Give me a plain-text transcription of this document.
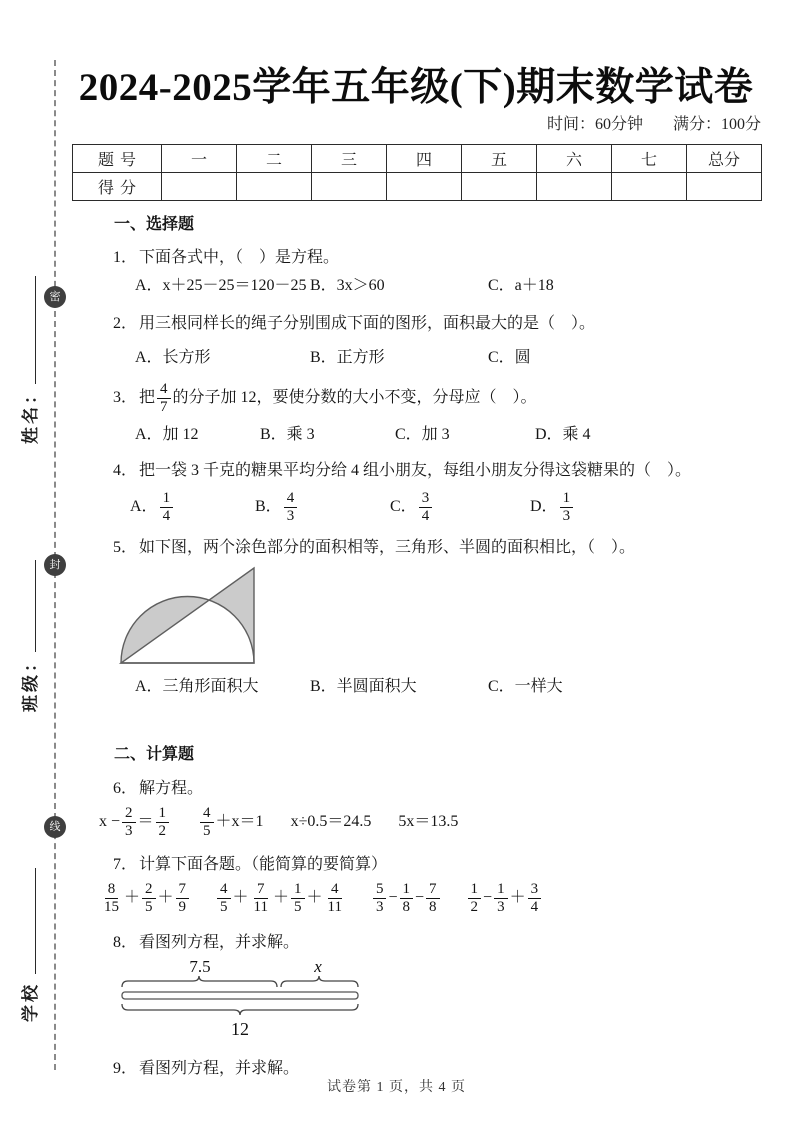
密
封
线
姓名：
班级：
学校
2024-2025学年五年级(下)期末数学试卷
时间：60分钟 满分：100分
题号	一	二	三	四	五	六	七	总分
得分								
一、选择题
1． 下面各式中，（　）是方程。
A．x＋25－25＝120－25 B．3x＞60	C．a＋18
2． 用三根同样长的绳子分别围成下面的图形，面积最大的是（　）。
A．长方形	B．正方形	C．圆
3． 把 $\frac{4}{7}$ 的分子加 12，要使分数的大小不变，分母应（　）。
A．加 12	B．乘 3	C．加 3	D．乘 4
4． 把一袋 3 千克的糖果平均分给 4 组小朋友，每组小朋友分得这袋糖果的（　）。
A． $\frac{1}{4}$	B． $\frac{4}{3}$	C． $\frac{3}{4}$	D． $\frac{1}{3}$
5． 如下图，两个涂色部分的面积相等，三角形、半圆的面积相比，（　）。
A．三角形面积大	B．半圆面积大	C．一样大
二、计算题
6． 解方程。
$x - \frac{2}{3} = \frac{1}{2} \frac{4}{5} +x=1$ x÷0.5＝24.5 5x＝13.5
7． 计算下面各题。（能简算的要简算）
$\frac{8}{15} + \frac{2}{5} + \frac{7}{9} \frac{4}{5} + \frac{7}{11} + \frac{1}{5} + \frac{4}{11} \frac{5}{3} - \frac{1}{8} - \frac{7}{8} \frac{1}{2} - \frac{1}{3} + \frac{3}{4}$
8． 看图列方程，并求解。
7.5	x
12
9． 看图列方程，并求解。
试卷第 1 页，共 4 页
